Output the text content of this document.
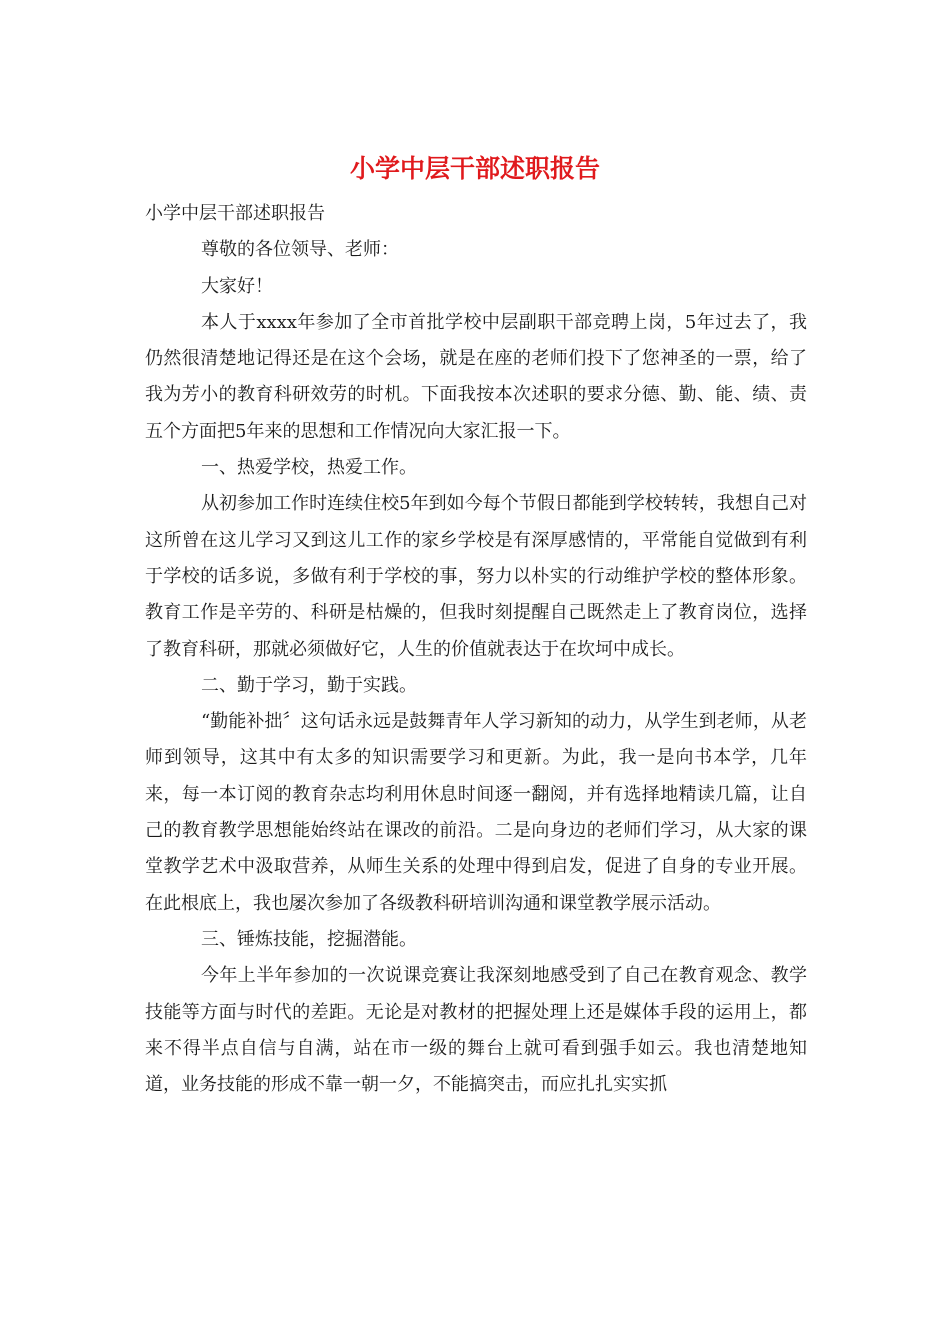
小学中层干部述职报告

小学中层干部述职报告

尊敬的各位领导、老师：

大家好！

本人于xxxx年参加了全市首批学校中层副职干部竞聘上岗，5年过去了，我仍然很清楚地记得还是在这个会场，就是在座的老师们投下了您神圣的一票，给了我为芳小的教育科研效劳的时机。下面我按本次述职的要求分德、勤、能、绩、责五个方面把5年来的思想和工作情况向大家汇报一下。

一、热爱学校，热爱工作。

从初参加工作时连续住校5年到如今每个节假日都能到学校转转，我想自己对这所曾在这儿学习又到这儿工作的家乡学校是有深厚感情的，平常能自觉做到有利于学校的话多说，多做有利于学校的事，努力以朴实的行动维护学校的整体形象。教育工作是辛劳的、科研是枯燥的，但我时刻提醒自己既然走上了教育岗位，选择了教育科研，那就必须做好它，人生的价值就表达于在坎坷中成长。

二、勤于学习，勤于实践。

“勤能补拙〞这句话永远是鼓舞青年人学习新知的动力，从学生到老师，从老师到领导，这其中有太多的知识需要学习和更新。为此，我一是向书本学，几年来，每一本订阅的教育杂志均利用休息时间逐一翻阅，并有选择地精读几篇，让自己的教育教学思想能始终站在课改的前沿。二是向身边的老师们学习，从大家的课堂教学艺术中汲取营养，从师生关系的处理中得到启发，促进了自身的专业开展。在此根底上，我也屡次参加了各级教科研培训沟通和课堂教学展示活动。

三、锤炼技能，挖掘潜能。

今年上半年参加的一次说课竞赛让我深刻地感受到了自己在教育观念、教学技能等方面与时代的差距。无论是对教材的把握处理上还是媒体手段的运用上，都来不得半点自信与自满，站在市一级的舞台上就可看到强手如云。我也清楚地知道，业务技能的形成不靠一朝一夕，不能搞突击，而应扎扎实实抓
